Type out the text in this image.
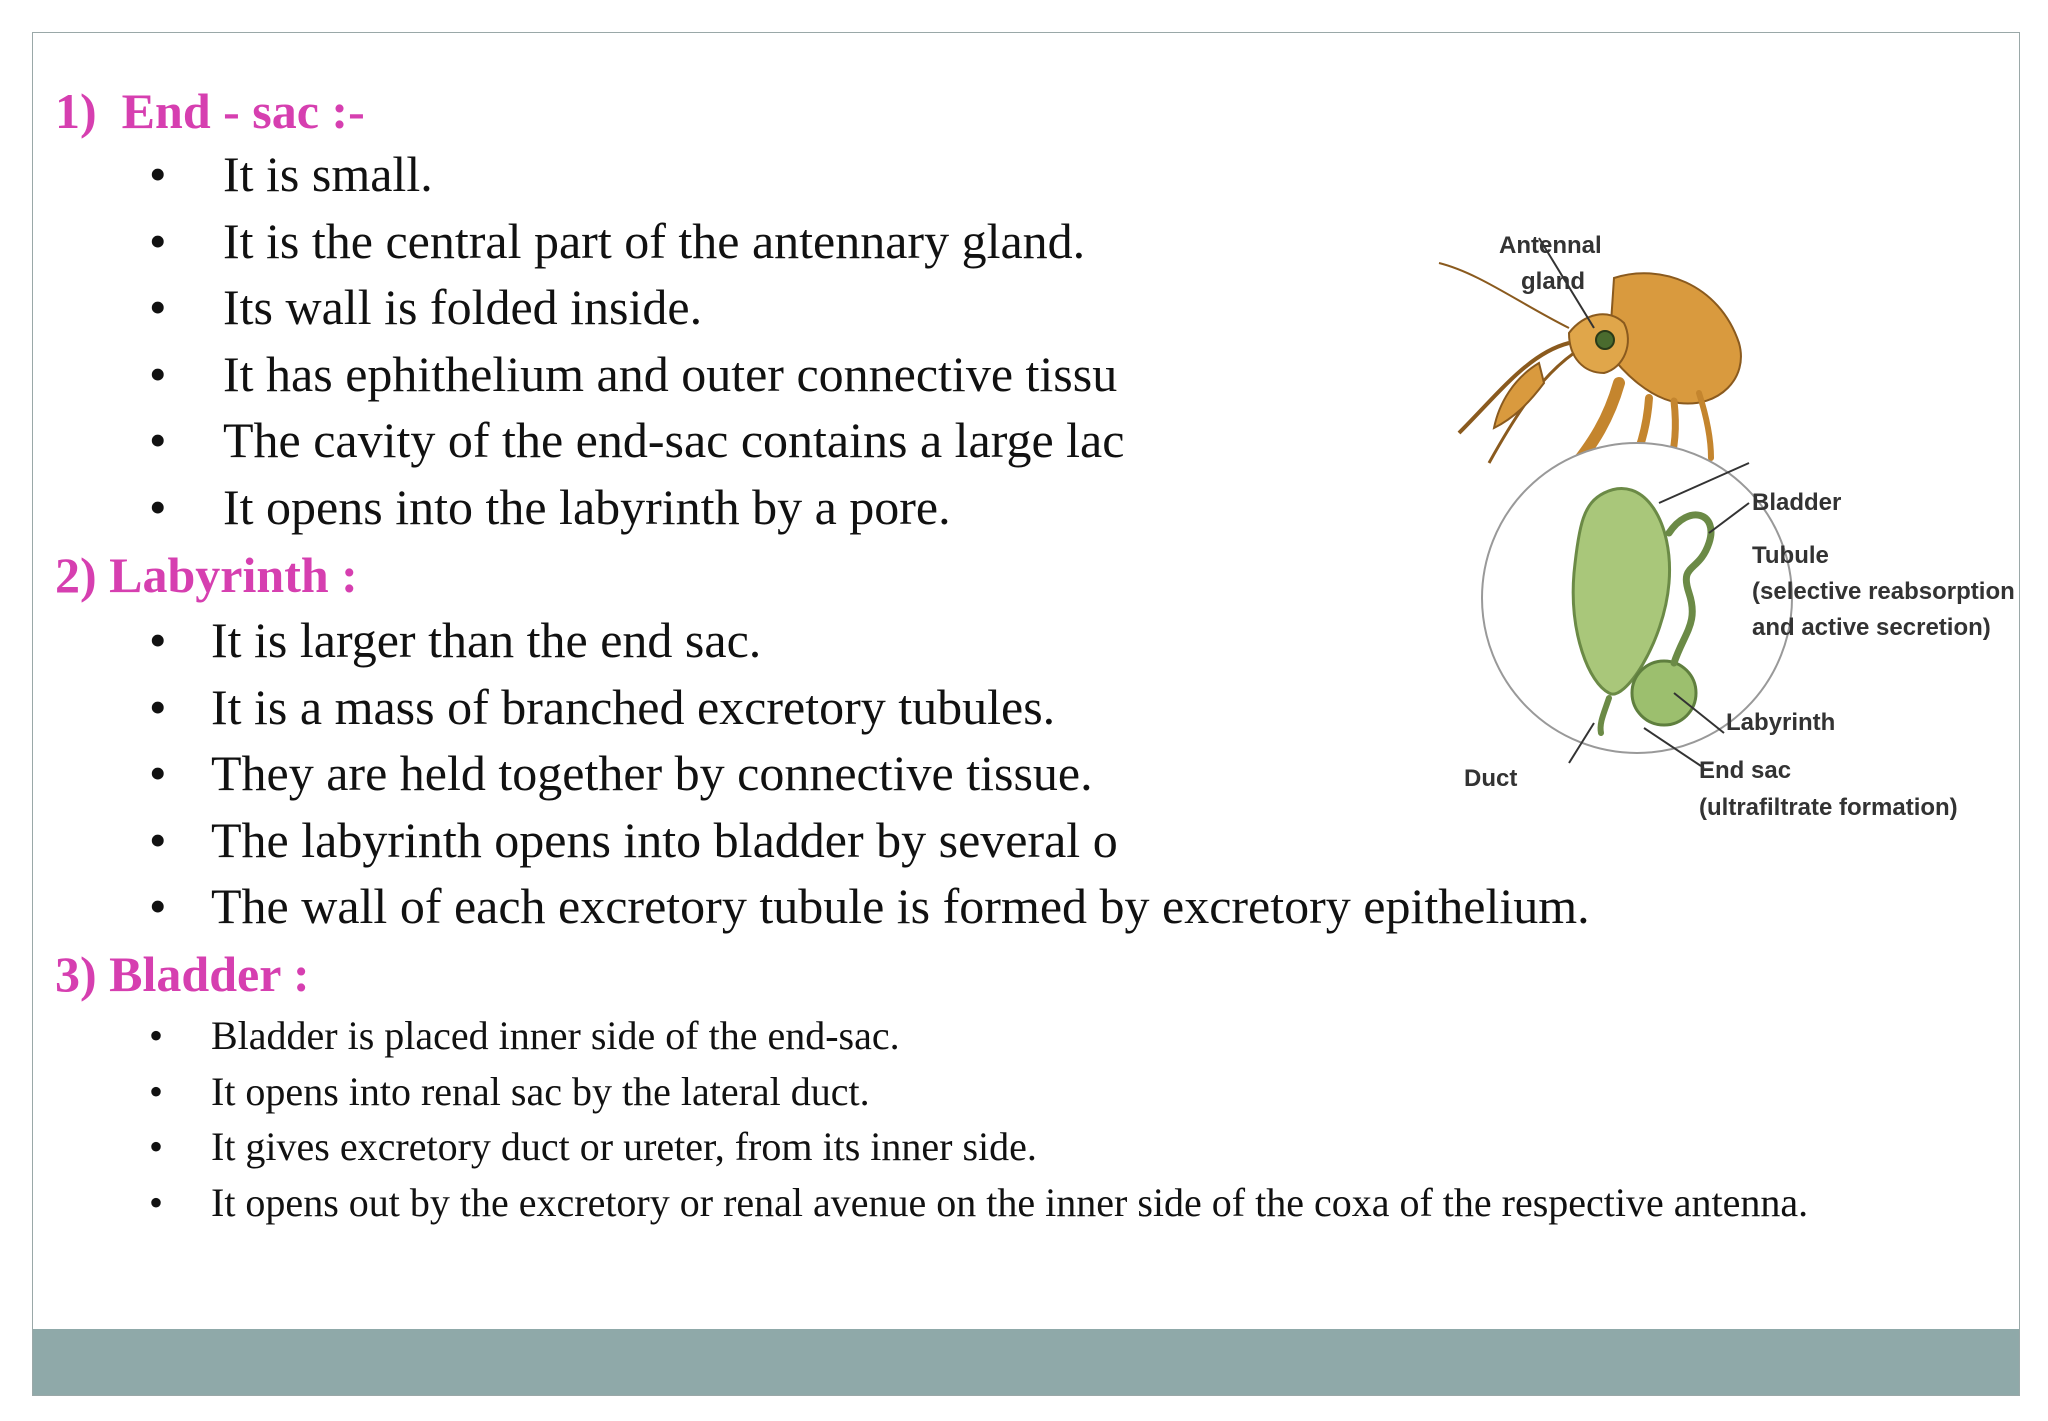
1) End - sac :-
2) Labyrinth :
3) Bladder :
• It is small.
• It is the central part of the antennary gland.
• Its wall is folded inside.
• It has ephithelium and outer connective tissu
• The cavity of the end-sac contains a large lac
• It opens into the labyrinth by a pore.
• It is larger than the end sac.
• It is a mass of branched excretory tubules.
• They are held together by connective tissue.
• The labyrinth opens into bladder by several o
• The wall of each excretory tubule is formed by excretory epithelium.
• Bladder is placed inner side of the end-sac.
• It opens into renal sac by the lateral duct.
• It gives excretory duct or ureter, from its inner side.
• It opens out by the excretory or renal avenue on the inner side of the coxa of the respective antenna.
Antennal
gland
Bladder
Tubule
(selective reabsorption
and active secretion)
Labyrinth
End sac
(ultrafiltrate formation)
Duct
